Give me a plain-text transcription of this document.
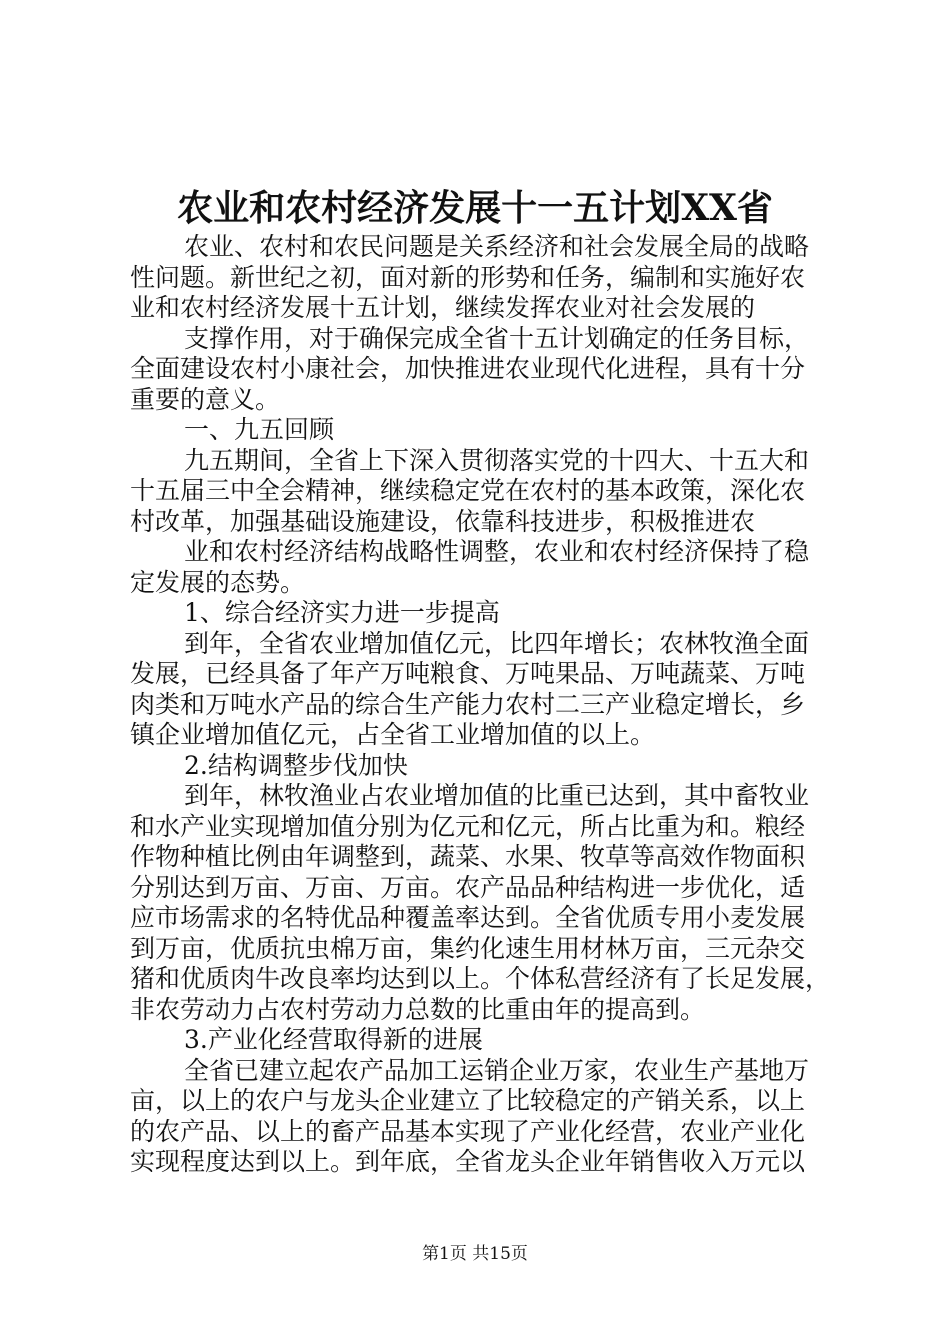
农业和农村经济发展十一五计划XX省
农业、农村和农民问题是关系经济和社会发展全局的战略
性问题。新世纪之初，面对新的形势和任务，编制和实施好农
业和农村经济发展十五计划，继续发挥农业对社会发展的
支撑作用，对于确保完成全省十五计划确定的任务目标，
全面建设农村小康社会，加快推进农业现代化进程，具有十分
重要的意义。
一、九五回顾
九五期间，全省上下深入贯彻落实党的十四大、十五大和
十五届三中全会精神，继续稳定党在农村的基本政策，深化农
村改革，加强基础设施建设，依靠科技进步，积极推进农
业和农村经济结构战略性调整，农业和农村经济保持了稳
定发展的态势。
1、综合经济实力进一步提高
到年，全省农业增加值亿元，比四年增长；农林牧渔全面
发展，已经具备了年产万吨粮食、万吨果品、万吨蔬菜、万吨
肉类和万吨水产品的综合生产能力农村二三产业稳定增长，乡
镇企业增加值亿元，占全省工业增加值的以上。
2.结构调整步伐加快
到年，林牧渔业占农业增加值的比重已达到，其中畜牧业
和水产业实现增加值分别为亿元和亿元，所占比重为和。粮经
作物种植比例由年调整到，蔬菜、水果、牧草等高效作物面积
分别达到万亩、万亩、万亩。农产品品种结构进一步优化，适
应市场需求的名特优品种覆盖率达到。全省优质专用小麦发展
到万亩，优质抗虫棉万亩，集约化速生用材林万亩，三元杂交
猪和优质肉牛改良率均达到以上。个体私营经济有了长足发展，
非农劳动力占农村劳动力总数的比重由年的提高到。
3.产业化经营取得新的进展
全省已建立起农产品加工运销企业万家，农业生产基地万
亩，以上的农户与龙头企业建立了比较稳定的产销关系，以上
的农产品、以上的畜产品基本实现了产业化经营，农业产业化
实现程度达到以上。到年底，全省龙头企业年销售收入万元以
第1页 共15页
